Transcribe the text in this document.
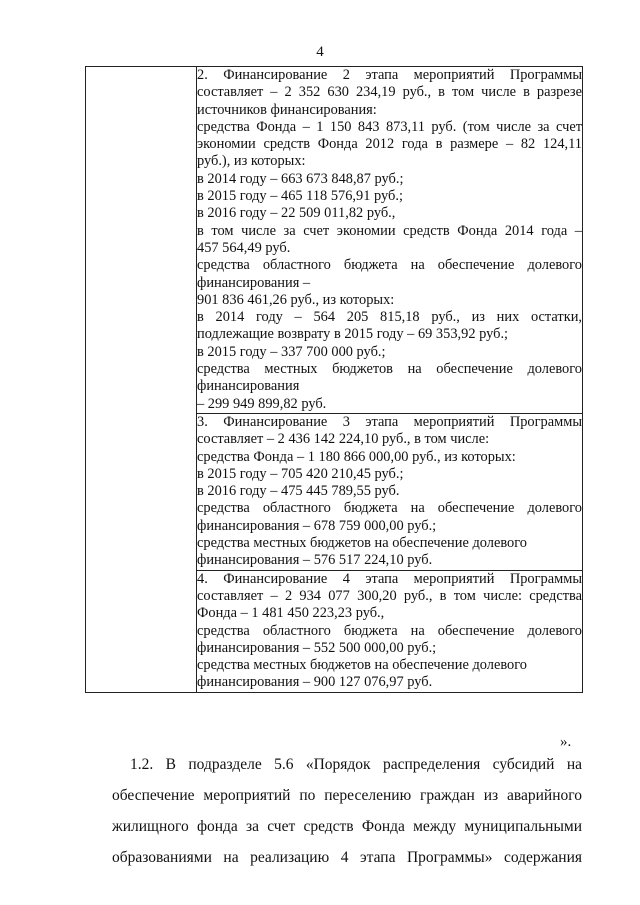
4

2. Финансирование 2 этапа мероприятий Программы
составляет – 2 352 630 234,19 руб., в том числе в разрезе
источников финансирования:
средства Фонда – 1 150 843 873,11 руб. (том числе за счет
экономии средств Фонда 2012 года в размере – 82 124,11
руб.), из которых:
в 2014 году – 663 673 848,87 руб.;
в 2015 году – 465 118 576,91 руб.;
в 2016 году – 22 509 011,82 руб.,
в том числе за счет экономии средств Фонда 2014 года –
457 564,49 руб.
средства областного бюджета на обеспечение долевого
финансирования –
901 836 461,26 руб., из которых:
в 2014 году – 564 205 815,18 руб., из них остатки,
подлежащие возврату в 2015 году – 69 353,92 руб.;
в 2015 году – 337 700 000 руб.;
средства местных бюджетов на обеспечение долевого
финансирования
– 299 949 899,82 руб.

3. Финансирование 3 этапа мероприятий Программы
составляет – 2 436 142 224,10 руб., в том числе:
средства Фонда – 1 180 866 000,00 руб., из которых:
в 2015 году – 705 420 210,45 руб.;
в 2016 году – 475 445 789,55 руб.
средства областного бюджета на обеспечение долевого
финансирования – 678 759 000,00 руб.;
средства местных бюджетов на обеспечение долевого
финансирования – 576 517 224,10 руб.

4. Финансирование 4 этапа мероприятий Программы
составляет – 2 934 077 300,20 руб., в том числе: средства
Фонда – 1 481 450 223,23 руб.,
средства областного бюджета на обеспечение долевого
финансирования – 552 500 000,00 руб.;
средства местных бюджетов на обеспечение долевого
финансирования – 900 127 076,97 руб.
».
1.2. В подразделе 5.6 «Порядок распределения субсидий на
обеспечение мероприятий по переселению граждан из аварийного
жилищного фонда за счет средств Фонда между муниципальными
образованиями на реализацию 4 этапа Программы» содержания
